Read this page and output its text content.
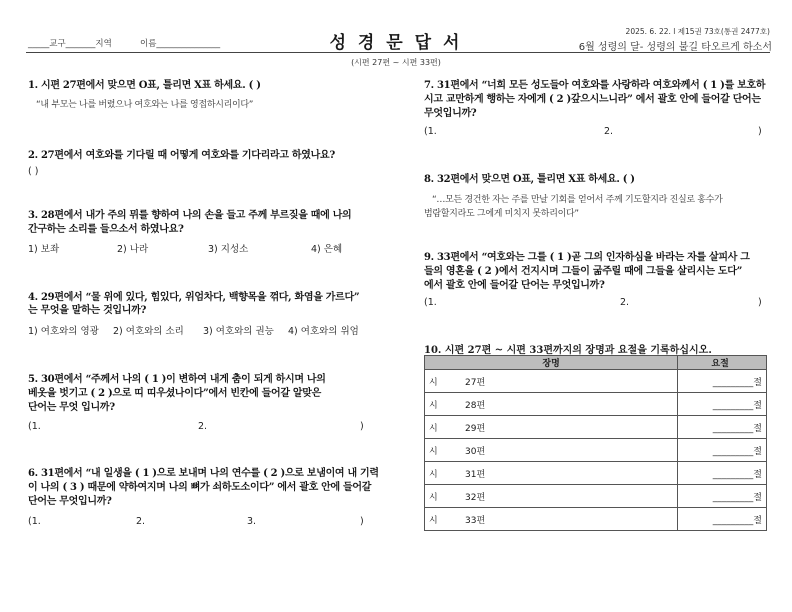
_____교구_______지역	이름_______________	성 경 문 답 서
2025. 6. 22. l 제15권 73호(통권 2477호)
6월 성령의 달- 성령의 불길 타오르게 하소서
(시편 27편 ~ 시편 33편)
1. 시편 27편에서 맞으면 O표, 틀리면 X표 하세요. ( )
“내 부모는 나를 버렸으나 여호와는 나를 영접하시리이다”
2. 27편에서 여호와를 기다릴 때 어떻게 여호와를 기다리라고 하였나요?
( )
3. 28편에서 내가 주의 뮈를 향하여 나의 손을 들고 주께 부르짖을 때에 나의
간구하는 소리를 들으소서 하였나요?
1) 보좌	2) 나라	3) 지성소	4) 은혜
4. 29편에서 “물 위에 있다, 힘있다, 위엄차다, 백향목을 꺾다, 화염을 가르다”
는 무엇을 말하는 것입니까?
1) 여호와의 영광 2) 여호와의 소리 3) 여호와의 권능 4) 여호와의 위엄
5. 30편에서 “주께서 나의 ( 1 )이 변하여 내게 춤이 되게 하시며 나의
베옷을 벗기고 ( 2 )으로 띠 띠우셨나이다”에서 빈칸에 들어갈 알맞은
단어는 무엇 입니까?
(1.	2.	)
6. 31편에서 “내 일생을 ( 1 )으로 보내며 나의 연수를 ( 2 )으로 보냄이여 내 기력
이 나의 ( 3 ) 때문에 약하여지며 나의 뼈가 쇠하도소이다” 에서 괄호 안에 들어갈
단어는 무엇입니까?
(1.	2.	3.	)
7. 31편에서 “너희 모든 성도들아 여호와를 사랑하라 여호와께서 ( 1 )를 보호하
시고 교만하게 행하는 자에게 ( 2 )갚으시느니라” 에서 괄호 안에 들어갈 단어는
무엇입니까?
(1.	2.	)
8. 32편에서 맞으면 O표, 틀리면 X표 하세요. ( )
“…모든 경건한 자는 주를 만날 기회를 얻어서 주께 기도할지라 진실로 홍수가
범람할지라도 그에게 미치지 못하리이다”
9. 33편에서 “여호와는 그를 ( 1 )곧 그의 인자하심을 바라는 자를 살피사 그
들의 영혼을 ( 2 )에서 건지시며 그들이 굶주릴 때에 그들을 살리시는 도다”
에서 괄호 안에 들어갈 단어는 무엇입니까?
(1.	2.	)
10. 시편 27편 ~ 시편 33편까지의 장명과 요절을 기록하십시오.
장명	요절
시 27편	_________절
시 28편	_________절
시 29편	_________절
시 30편	_________절
시 31편	_________절
시 32편	_________절
시 33편	_________절
